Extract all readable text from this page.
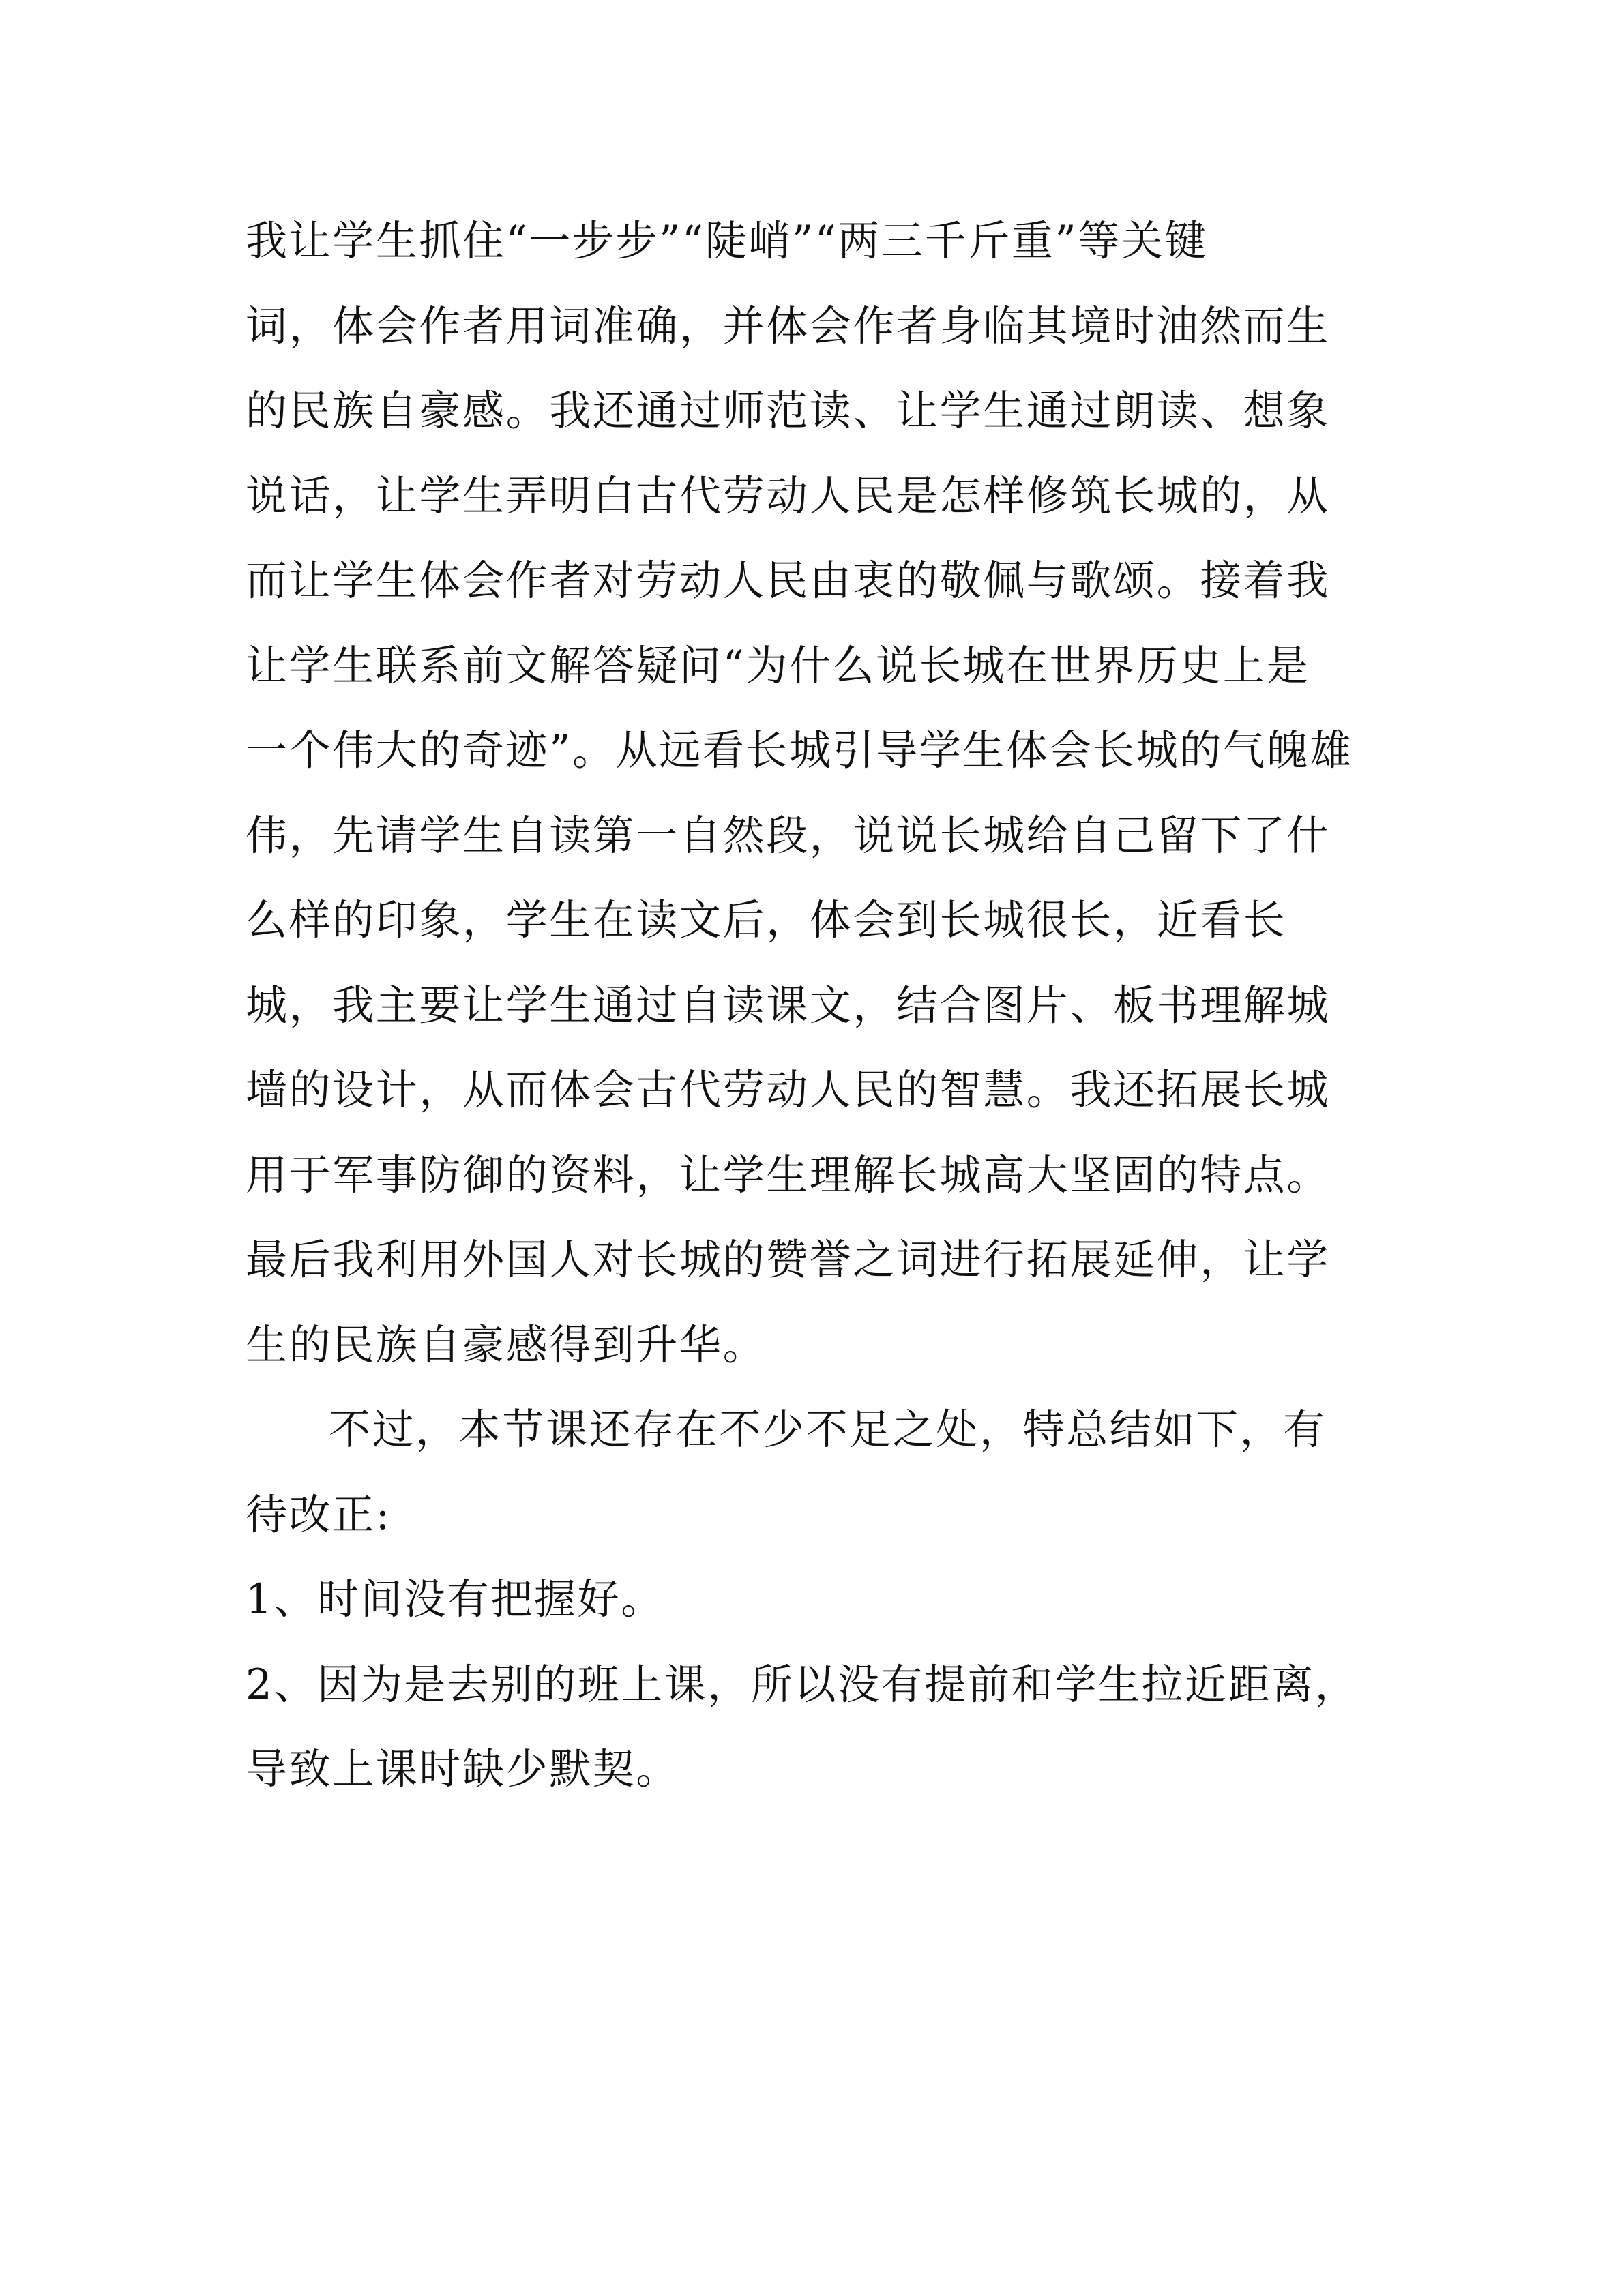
我让学生抓住“一步步”“陡峭”“两三千斤重”等关键
词，体会作者用词准确，并体会作者身临其境时油然而生
的民族自豪感。我还通过师范读、让学生通过朗读、想象
说话，让学生弄明白古代劳动人民是怎样修筑长城的，从
而让学生体会作者对劳动人民由衷的敬佩与歌颂。接着我
让学生联系前文解答疑问“为什么说长城在世界历史上是
一个伟大的奇迹”。从远看长城引导学生体会长城的气魄雄
伟，先请学生自读第一自然段，说说长城给自己留下了什
么样的印象，学生在读文后，体会到长城很长，近看长
城，我主要让学生通过自读课文，结合图片、板书理解城
墙的设计，从而体会古代劳动人民的智慧。我还拓展长城
用于军事防御的资料，让学生理解长城高大坚固的特点。
最后我利用外国人对长城的赞誉之词进行拓展延伸，让学
生的民族自豪感得到升华。
不过，本节课还存在不少不足之处，特总结如下，有
待改正:
1、时间没有把握好。
2、因为是去别的班上课，所以没有提前和学生拉近距离，
导致上课时缺少默契。
